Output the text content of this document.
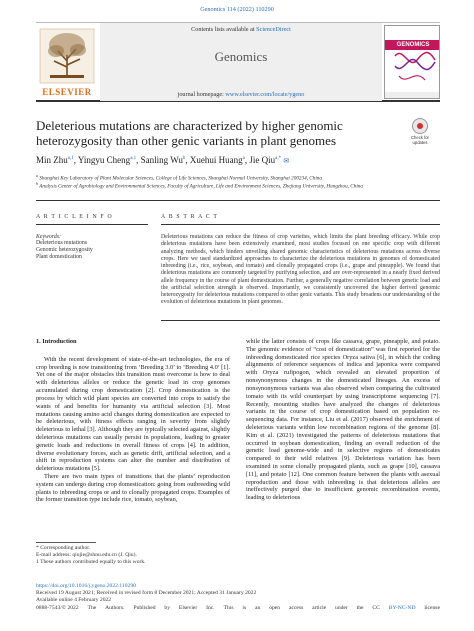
Genomics 114 (2022) 110290
ELSEVIER
Contents lists available at ScienceDirect
Genomics
journal homepage: www.elsevier.com/locate/ygeno
GENOMICS
Deleterious mutations are characterized by higher genomic heterozygosity than other genic variants in plant genomes	Check for updates
Min Zhu$^{a,1}$, Yingyu Cheng$^{a,1}$, Sanling Wu$^b$, Xuehui Huang$^a$, Jie Qiu$^{a,*}$ ✉
$^a$ Shanghai Key Laboratory of Plant Molecular Sciences, College of Life Sciences, Shanghai Normal University, Shanghai 200234, China
$^b$ Analysis Center of Agrobiology and Environmental Sciences, Faculty of Agriculture, Life and Environment Sciences, Zhejiang University, Hangzhou, China
A R T I C L E I N F O	A B S T R A C T
Keywords:
Deleterious mutations
Genomic heterozygosity
Plant domestication
Deleterious mutations can reduce the fitness of crop varieties, which limits the plant breeding efficacy. While crop deleterious mutations have been extensively examined, most studies focused on one specific crop with different analyzing methods, which hinders unveiling shared genomic characteristics of deleterious mutations across diverse crops. Here we used standardized approaches to characterize the deleterious mutations in genomes of domesticated inbreeding (i.e., rice, soybean, and tomato) and clonally propagated crops (i.e., grape and pineapple). We found that deleterious mutations are commonly targeted by purifying selection, and are over-represented in a nearly fixed derived allele frequency in the course of plant domestication. Further, a generally negative correlation between genetic load and the artificial selection strength is observed. Importantly, we consistently uncovered the higher derived genomic heterozygosity for deleterious mutations compared to other genic variants. This study broadens our understanding of the evolution of deleterious mutations in plant genomes.
1. Introduction

With the recent development of state-of-the-art technologies, the era of crop breeding is now transitioning from ‘Breeding 3.0’ to ‘Breeding 4.0’ [1]. Yet one of the major obstacles this transition must overcome is how to deal with deleterious alleles or reduce the genetic load in crop genomes accumulated during crop domestication [2]. Crop domestication is the process by which wild plant species are converted into crops to satisfy the wants of and benefits for humanity via artificial selection [3]. Most mutations causing amino acid changes during domestication are expected to be deleterious, with fitness effects ranging in severity from slightly deleterious to lethal [3]. Although they are typically selected against, slightly deleterious mutations can usually persist in populations, leading to greater genetic loads and reductions in overall fitness of crops [4]. In addition, diverse evolutionary forces, such as genetic drift, artificial selection, and a shift in reproduction systems can alter the number and distribution of deleterious mutations [5].

There are two main types of transitions that the plants’ reproduction system can undergo during crop domestication: going from outbreeding wild plants to inbreeding crops or and to clonally propagated crops. Examples of the former transition type include rice, tomato, soybean,

while the latter consists of crops like cassava, grape, pineapple, and potato. The genomic evidence of “cost of domestication” was first reported for the inbreeding domesticated rice species Oryza sativa [6], in which the coding alignments of reference sequences of indica and japonica were compared with Oryza rufipogon, which revealed an elevated proportion of nonsynonymous changes in the domesticated lineages. An excess of nonsynonymous variants was also observed when comparing the cultivated tomato with its wild counterpart by using transcriptome sequencing [7]. Recently, mounting studies have analyzed the changes of deleterious variants in the course of crop domestication based on population re-sequencing data. For instance, Liu et al. (2017) observed the enrichment of deleterious variants within low recombination regions of the genome [8]. Kim et al. (2021) investigated the patterns of deleterious mutations that occurred in soybean domestication, finding an overall reduction of the genetic load genome-wide and in selective regions of domesticates compared to their wild relatives [9]. Deleterious variation has been examined in some clonally propagated plants, such as grape [10], cassava [11], and potato [12]. One common feature between the plants with asexual reproduction and those with inbreeding is that deleterious alleles are ineffectively purged due to insufficient genomic recombination events, leading to deleterious

* Corresponding author.
E-mail address: qiujie@shnu.edu.cn (J. Qiu).
1 These authors contributed equally to this work.
https://doi.org/10.1016/j.ygeno.2022.110290
Received 19 August 2021; Received in revised form 8 December 2021; Accepted 31 January 2022
Available online 4 February 2022
0888-7543/© 2022 The Authors. Published by Elsevier Inc. This is an open access article under the CC BY-NC-ND license
